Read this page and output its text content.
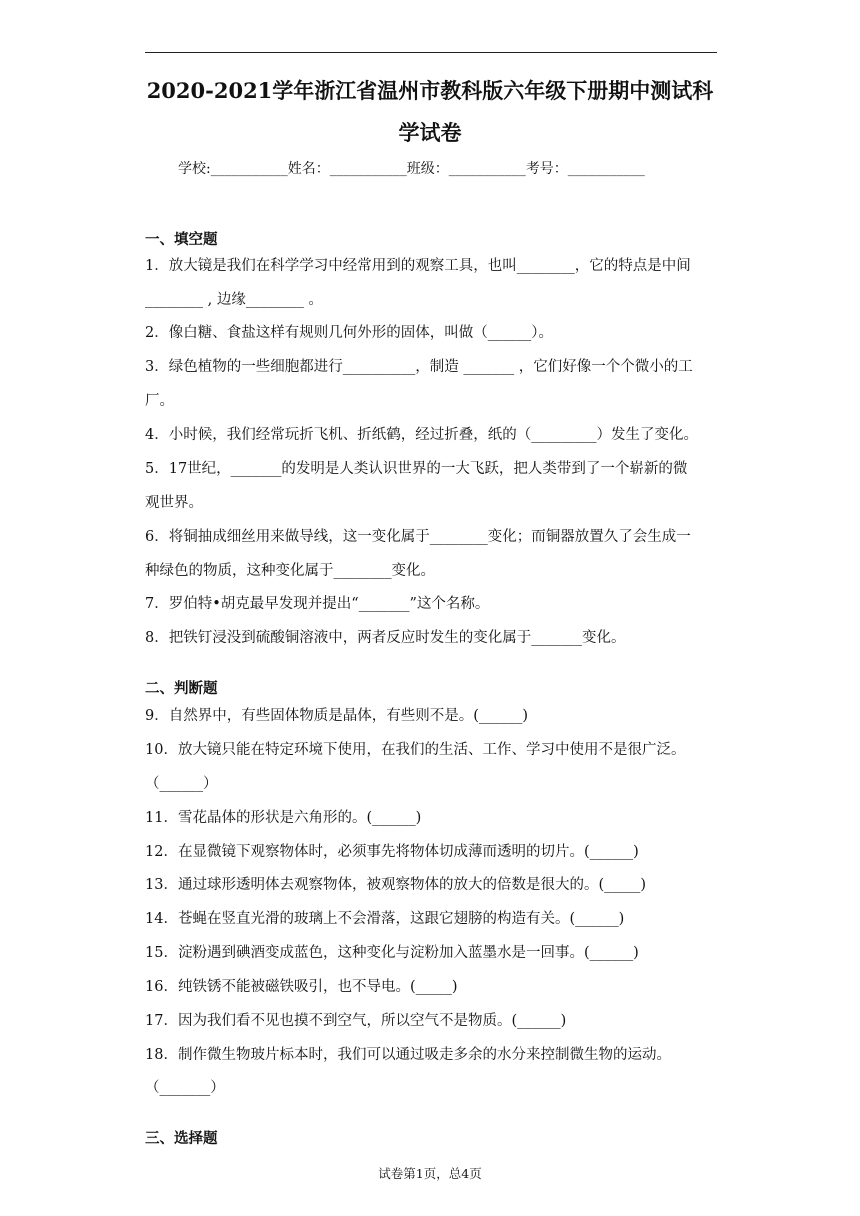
2020-2021学年浙江省温州市教科版六年级下册期中测试科
学试卷
学校:___________姓名：___________班级：___________考号：___________
一、填空题
1．放大镜是我们在科学学习中经常用到的观察工具，也叫________，它的特点是中间
________ , 边缘________ 。
2．像白糖、食盐这样有规则几何外形的固体，叫做（______）。
3．绿色植物的一些细胞都进行__________，制造 _______ ，它们好像一个个微小的工
厂。
4．小时候，我们经常玩折飞机、折纸鹤，经过折叠，纸的（_________）发生了变化。
5．17世纪，_______的发明是人类认识世界的一大飞跃，把人类带到了一个崭新的微
观世界。
6．将铜抽成细丝用来做导线，这一变化属于________变化；而铜器放置久了会生成一
种绿色的物质，这种变化属于________变化。
7．罗伯特•胡克最早发现并提出“_______”这个名称。
8．把铁钉浸没到硫酸铜溶液中，两者反应时发生的变化属于_______变化。
二、判断题
9．自然界中，有些固体物质是晶体，有些则不是。(______)
10．放大镜只能在特定环境下使用，在我们的生活、工作、学习中使用不是很广泛。
（______）
11．雪花晶体的形状是六角形的。(______)
12．在显微镜下观察物体时，必须事先将物体切成薄而透明的切片。(______)
13．通过球形透明体去观察物体，被观察物体的放大的倍数是很大的。(_____)
14．苍蝇在竖直光滑的玻璃上不会滑落，这跟它翅膀的构造有关。(______)
15．淀粉遇到碘酒变成蓝色，这种变化与淀粉加入蓝墨水是一回事。(______)
16．纯铁锈不能被磁铁吸引，也不导电。(_____)
17．因为我们看不见也摸不到空气，所以空气不是物质。(______)
18．制作微生物玻片标本时，我们可以通过吸走多余的水分来控制微生物的运动。
（_______）
三、选择题
试卷第1页，总4页
